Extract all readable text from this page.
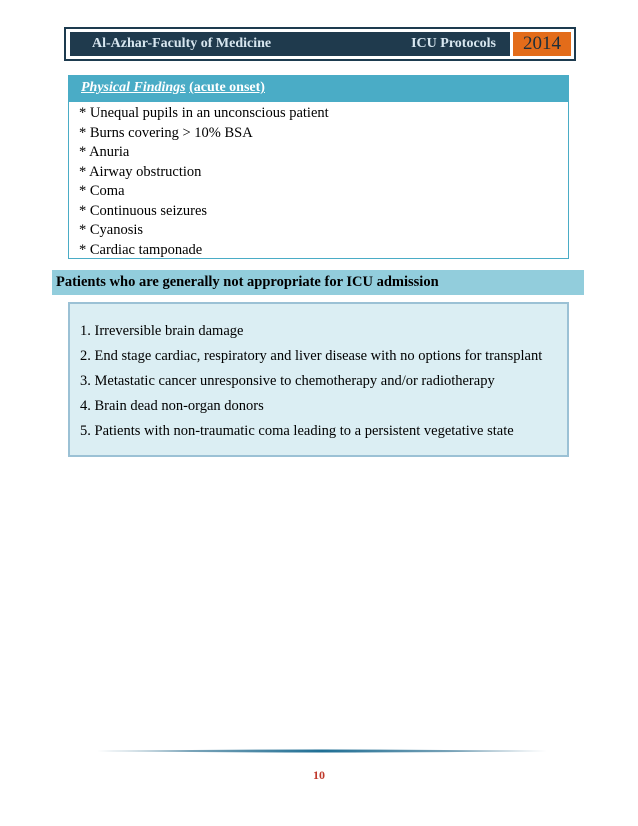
Al-Azhar-Faculty of Medicine	ICU Protocols	2014
Physical Findings (acute onset)
* Unequal pupils in an unconscious patient
* Burns covering > 10% BSA
* Anuria
* Airway obstruction
* Coma
* Continuous seizures
* Cyanosis
* Cardiac tamponade
Patients who are generally not appropriate for ICU admission
1. Irreversible brain damage
2. End stage cardiac, respiratory and liver disease with no options for transplant
3. Metastatic cancer unresponsive to chemotherapy and/or radiotherapy
4. Brain dead non-organ donors
5. Patients with non-traumatic coma leading to a persistent vegetative state
10
